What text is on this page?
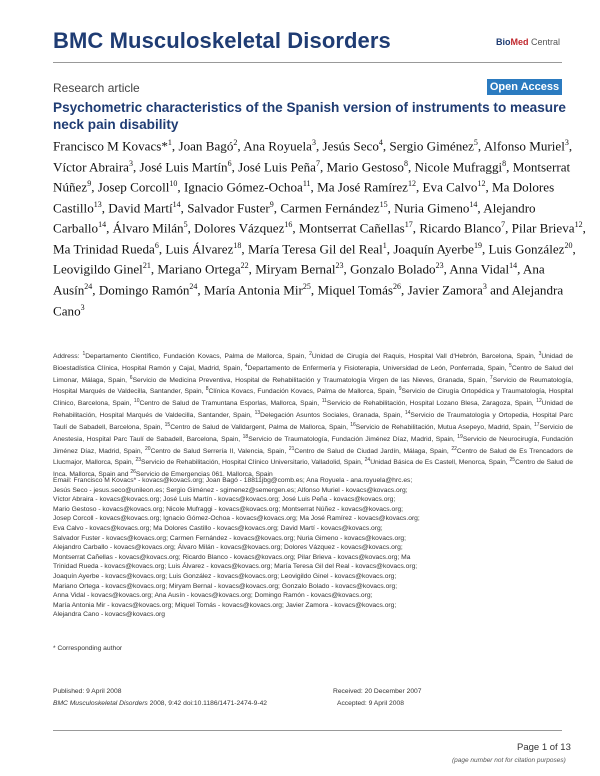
BMC Musculoskeletal Disorders	BioMed Central
Research article	Open Access
Psychometric characteristics of the Spanish version of instruments to measure neck pain disability
Francisco M Kovacs*$^1$, Joan Bagó$^2$, Ana Royuela$^3$, Jesús Seco$^4$, Sergio Giménez$^5$, Alfonso Muriel$^3$, Víctor Abraira$^3$, José Luis Martín$^6$, José Luis Peña$^7$, Mario Gestoso$^8$, Nicole Mufraggi$^8$, Montserrat Núñez$^9$, Josep Corcoll$^{10}$, Ignacio Gómez-Ochoa$^{11}$, Ma José Ramírez$^{12}$, Eva Calvo$^{12}$, Ma Dolores Castillo$^{13}$, David Martí$^{14}$, Salvador Fuster$^9$, Carmen Fernández$^{15}$, Nuria Gimeno$^{14}$, Alejandro Carballo$^{14}$, Álvaro Milán$^5$, Dolores Vázquez$^{16}$, Montserrat Cañellas$^{17}$, Ricardo Blanco$^7$, Pilar Brieva$^{12}$, Ma Trinidad Rueda$^6$, Luis Álvarez$^{18}$, María Teresa Gil del Real$^1$, Joaquín Ayerbe$^{19}$, Luis González$^{20}$, Leovigildo Ginel$^{21}$, Mariano Ortega$^{22}$, Miryam Bernal$^{23}$, Gonzalo Bolado$^{23}$, Anna Vidal$^{14}$, Ana Ausín$^{24}$, Domingo Ramón$^{24}$, María Antonia Mir$^{25}$, Miquel Tomás$^{26}$, Javier Zamora$^3$ and Alejandra Cano$^3$
Address: $^1$Departamento Científico, Fundación Kovacs, Palma de Mallorca, Spain, $^2$Unidad de Cirugía del Raquis, Hospital Vall d'Hebrón, Barcelona, Spain, $^3$Unidad de Bioestadística Clínica, Hospital Ramón y Cajal, Madrid, Spain, $^4$Departamento de Enfermería y Fisioterapia, Universidad de León, Ponferrada, Spain, $^5$Centro de Salud del Limonar, Málaga, Spain, $^6$Servicio de Medicina Preventiva, Hospital de Rehabilitación y Traumatología Virgen de las Nieves, Granada, Spain, $^7$Servicio de Reumatología, Hospital Marqués de Valdecilla, Santander, Spain, $^8$Clínica Kovacs, Fundación Kovacs, Palma de Mallorca, Spain, $^9$Servicio de Cirugía Ortopédica y Traumatología, Hospital Clínico, Barcelona, Spain, $^{10}$Centro de Salud de Tramuntana Esporlas, Mallorca, Spain, $^{11}$Servicio de Rehabilitación, Hospital Lozano Blesa, Zaragoza, Spain, $^{12}$Unidad de Rehabilitación, Hospital Marqués de Valdecilla, Santander, Spain, $^{13}$Delegación Asuntos Sociales, Granada, Spain, $^{14}$Servicio de Traumatología y Ortopedia, Hospital Parc Taulí de Sabadell, Barcelona, Spain, $^{15}$Centro de Salud de Valldargent, Palma de Mallorca, Spain, $^{16}$Servicio de Rehabilitación, Mutua Asepeyo, Madrid, Spain, $^{17}$Servicio de Anestesia, Hospital Parc Taulí de Sabadell, Barcelona, Spain, $^{18}$Servicio de Traumatología, Fundación Jiménez Díaz, Madrid, Spain, $^{19}$Servicio de Neurocirugía, Fundación Jiménez Díaz, Madrid, Spain, $^{20}$Centro de Salud Serrería II, Valencia, Spain, $^{21}$Centro de Salud de Ciudad Jardín, Málaga, Spain, $^{22}$Centro de Salud de Es Trencadors de Llucmajor, Mallorca, Spain, $^{23}$Servicio de Rehabilitación, Hospital Clínico Universitario, Valladolid, Spain, $^{24}$Unidad Básica de Es Castell, Menorca, Spain, $^{25}$Centro de Salud de Inca. Mallorca, Spain and $^{26}$Servicio de Emergencias 061. Mallorca, Spain
Email: Francisco M Kovacs* - kovacs@kovacs.org; Joan Bagó - 18811jbg@comb.es; Ana Royuela - ana.royuela@hrc.es;
Jesús Seco - jesus.seco@unileon.es; Sergio Giménez - sgimenez@semergen.es; Alfonso Muriel - kovacs@kovacs.org;
Víctor Abraira - kovacs@kovacs.org; José Luis Martín - kovacs@kovacs.org; José Luis Peña - kovacs@kovacs.org;
Mario Gestoso - kovacs@kovacs.org; Nicole Mufraggi - kovacs@kovacs.org; Montserrat Núñez - kovacs@kovacs.org;
Josep Corcoll - kovacs@kovacs.org; Ignacio Gómez-Ochoa - kovacs@kovacs.org; Ma José Ramírez - kovacs@kovacs.org;
Eva Calvo - kovacs@kovacs.org; Ma Dolores Castillo - kovacs@kovacs.org; David Martí - kovacs@kovacs.org;
Salvador Fuster - kovacs@kovacs.org; Carmen Fernández - kovacs@kovacs.org; Nuria Gimeno - kovacs@kovacs.org;
Alejandro Carballo - kovacs@kovacs.org; Álvaro Milán - kovacs@kovacs.org; Dolores Vázquez - kovacs@kovacs.org;
Montserrat Cañellas - kovacs@kovacs.org; Ricardo Blanco - kovacs@kovacs.org; Pilar Brieva - kovacs@kovacs.org; Ma
Trinidad Rueda - kovacs@kovacs.org; Luis Álvarez - kovacs@kovacs.org; María Teresa Gil del Real - kovacs@kovacs.org;
Joaquín Ayerbe - kovacs@kovacs.org; Luis González - kovacs@kovacs.org; Leovigildo Ginel - kovacs@kovacs.org;
Mariano Ortega - kovacs@kovacs.org; Miryam Bernal - kovacs@kovacs.org; Gonzalo Bolado - kovacs@kovacs.org;
Anna Vidal - kovacs@kovacs.org; Ana Ausín - kovacs@kovacs.org; Domingo Ramón - kovacs@kovacs.org;
María Antonia Mir - kovacs@kovacs.org; Miquel Tomás - kovacs@kovacs.org; Javier Zamora - kovacs@kovacs.org;
Alejandra Cano - kovacs@kovacs.org
* Corresponding author
Published: 9 April 2008
BMC Musculoskeletal Disorders 2008, 9:42 doi:10.1186/1471-2474-9-42
Received: 20 December 2007
Accepted: 9 April 2008
Page 1 of 13
(page number not for citation purposes)
